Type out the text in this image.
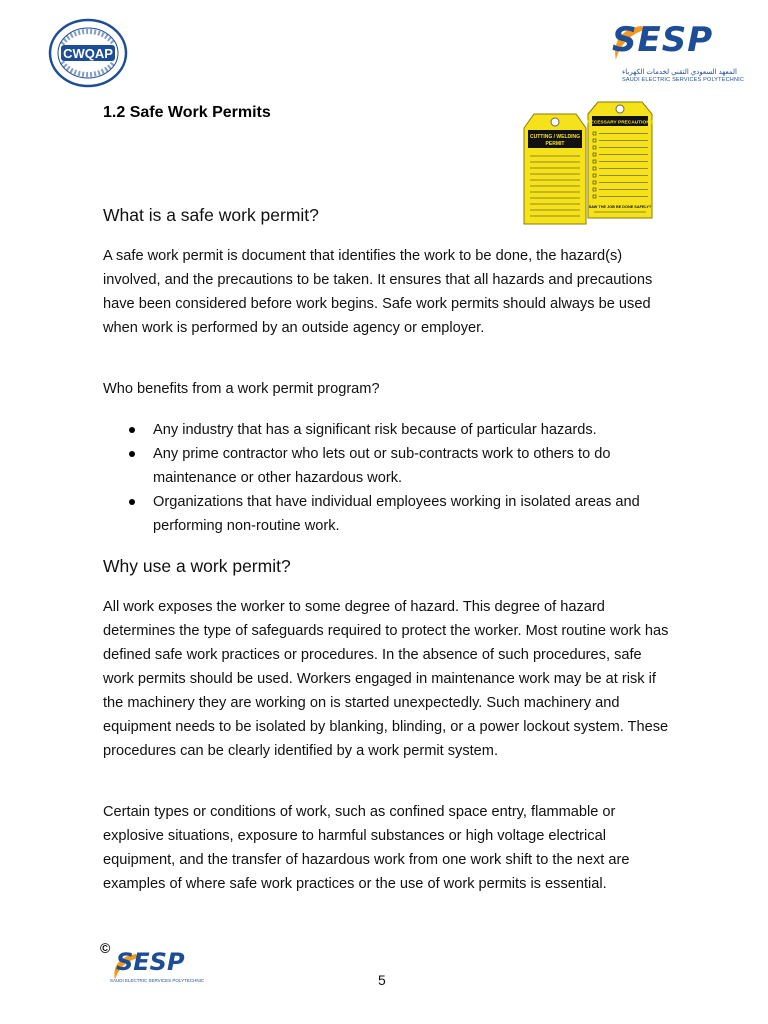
CWQAP	SESP
المعهد السعودي التقني لخدمات الكهرباء
SAUDI ELECTRIC SERVICES POLYTECHNIC
1.2 Safe Work Permits
CUTTING / WELDING
PERMIT
NECESSARY PRECAUTIONS
SAW THE JOB BE DONE SAFELY?
What is a safe work permit?
A safe work permit is document that identifies the work to be done, the hazard(s) involved, and the precautions to be taken. It ensures that all hazards and precautions have been considered before work begins. Safe work permits should always be used when work is performed by an outside agency or employer.
Who benefits from a work permit program?
Any industry that has a significant risk because of particular hazards.
Any prime contractor who lets out or sub-contracts work to others to do maintenance or other hazardous work.
Organizations that have individual employees working in isolated areas and performing non-routine work.
Why use a work permit?
All work exposes the worker to some degree of hazard. This degree of hazard determines the type of safeguards required to protect the worker. Most routine work has defined safe work practices or procedures. In the absence of such procedures, safe work permits should be used. Workers engaged in maintenance work may be at risk if the machinery they are working on is started unexpectedly. Such machinery and equipment needs to be isolated by blanking, blinding, or a power lockout system. These procedures can be clearly identified by a work permit system.
Certain types or conditions of work, such as confined space entry, flammable or explosive situations, exposure to harmful substances or high voltage electrical equipment, and the transfer of hazardous work from one work shift to the next are examples of where safe work practices or the use of work permits is essential.
© SESP
SAUDI ELECTRIC SERVICES POLYTECHNIC	5
